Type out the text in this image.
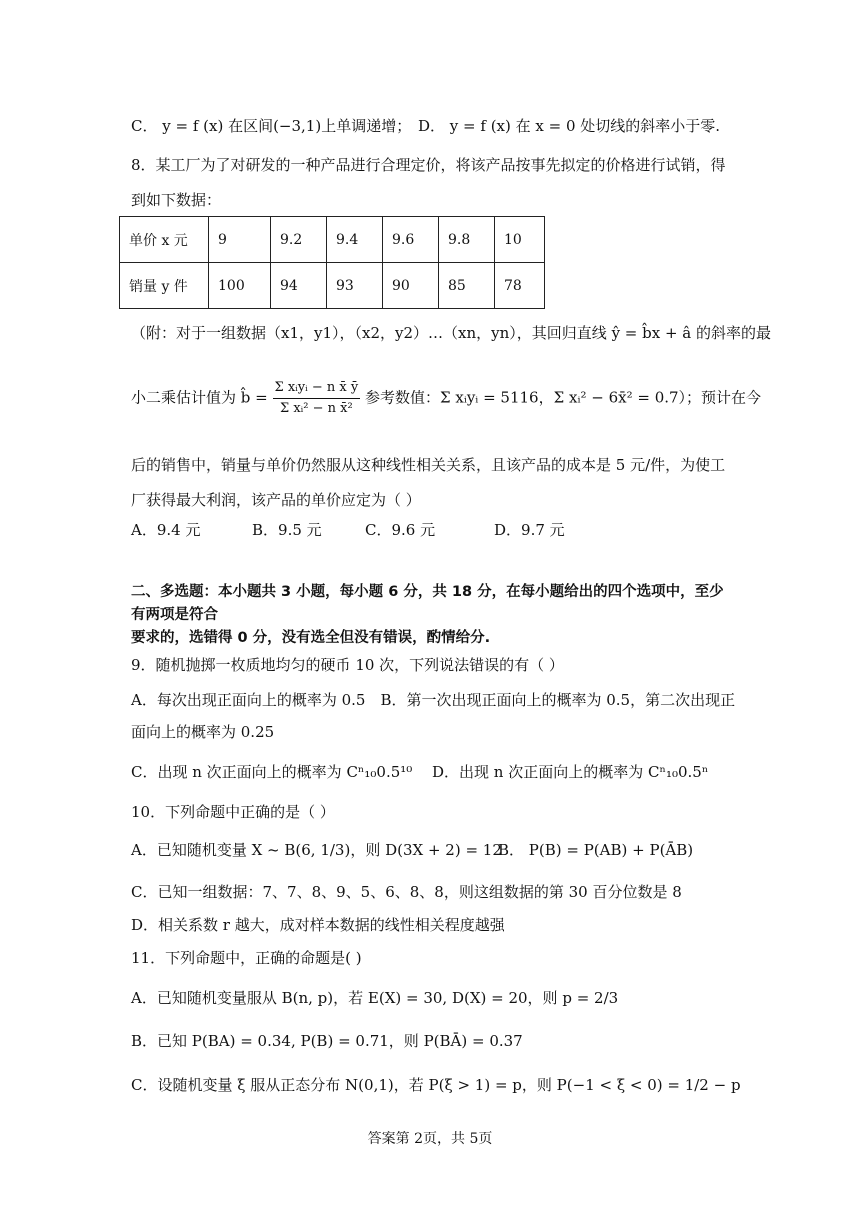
C． y = f (x) 在区间(−3,1)上单调递增； D． y = f (x) 在 x = 0 处切线的斜率小于零.
8．某工厂为了对研发的一种产品进行合理定价，将该产品按事先拟定的价格进行试销，得
到如下数据：
单价 x 元	9	9.2	9.4	9.6	9.8	10
销量 y 件	100	94	93	90	85	78
（附：对于一组数据（x1，y1），（x2，y2）…（xn，yn），其回归直线 ŷ = b̂x + â 的斜率的最
小二乘估计值为 b̂ = $\frac{\text{Σ xᵢyᵢ − n x̄ ȳ}}{\text{Σ xᵢ² − n x̄²}}$ 参考数值：Σ xᵢyᵢ = 5116，Σ xᵢ² − 6x̄² = 0.7）；预计在今
后的销售中，销量与单价仍然服从这种线性相关关系，且该产品的成本是 5 元/件，为使工
厂获得最大利润，该产品的单价应定为（ ）
A．9.4 元	B．9.5 元	C．9.6 元	D．9.7 元
二、多选题：本小题共 3 小题，每小题 6 分，共 18 分，在每小题给出的四个选项中，至少
有两项是符合
要求的，选错得 0 分，没有选全但没有错误，酌情给分.
9．随机抛掷一枚质地均匀的硬币 10 次，下列说法错误的有（ ）
A．每次出现正面向上的概率为 0.5　B．第一次出现正面向上的概率为 0.5，第二次出现正
面向上的概率为 0.25
C．出现 n 次正面向上的概率为 Cⁿ₁₀0.5¹⁰ D．出现 n 次正面向上的概率为 Cⁿ₁₀0.5ⁿ
10．下列命题中正确的是（ ）
A．已知随机变量 X ~ B(6, 1/3)，则 D(3X + 2) = 12
B． P(B) = P(AB) + P(ĀB)
C．已知一组数据：7、7、8、9、5、6、8、8，则这组数据的第 30 百分位数是 8
D．相关系数 r 越大，成对样本数据的线性相关程度越强
11．下列命题中，正确的命题是( )
A．已知随机变量服从 B(n, p)，若 E(X) = 30, D(X) = 20，则 p = 2/3
B．已知 P(BA) = 0.34, P(B) = 0.71，则 P(BĀ) = 0.37
C．设随机变量 ξ 服从正态分布 N(0,1)，若 P(ξ > 1) = p，则 P(−1 < ξ < 0) = 1/2 − p
答案第 2页，共 5页
